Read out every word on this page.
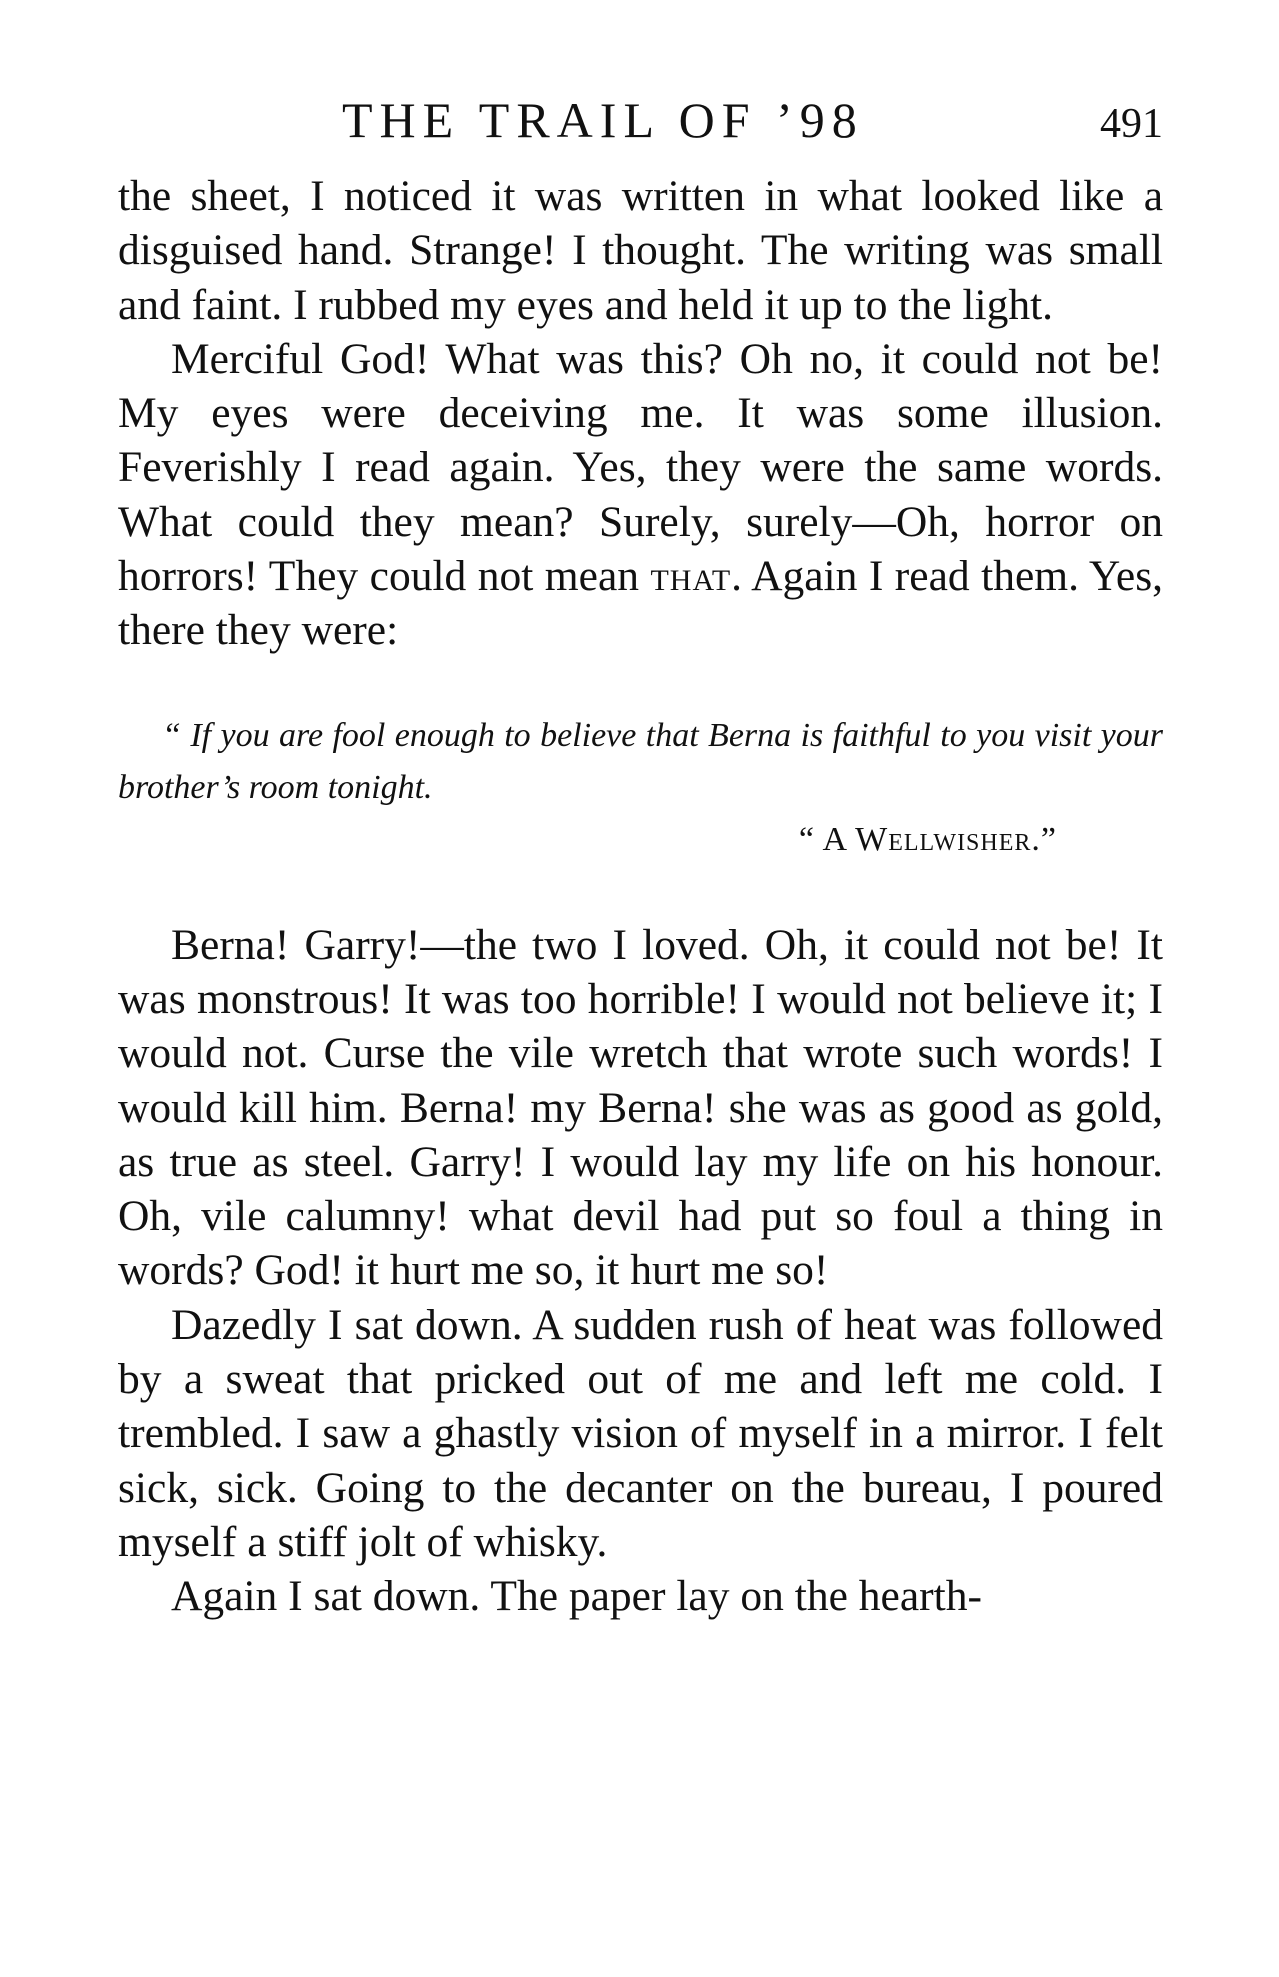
THE TRAIL OF ’98	491

the sheet, I noticed it was written in what looked like a disguised hand. Strange! I thought. The writing was small and faint. I rubbed my eyes and held it up to the light.

Merciful God! What was this? Oh no, it could not be! My eyes were deceiving me. It was some illusion. Feverishly I read again. Yes, they were the same words. What could they mean? Surely, surely—Oh, horror on horrors! They could not mean that. Again I read them. Yes, there they were:

“ If you are fool enough to believe that Berna is faithful to you visit your brother’s room tonight.

“ A Wellwisher.”

Berna! Garry!—the two I loved. Oh, it could not be! It was monstrous! It was too horrible! I would not believe it; I would not. Curse the vile wretch that wrote such words! I would kill him. Berna! my Berna! she was as good as gold, as true as steel. Garry! I would lay my life on his honour. Oh, vile calumny! what devil had put so foul a thing in words? God! it hurt me so, it hurt me so!

Dazedly I sat down. A sudden rush of heat was followed by a sweat that pricked out of me and left me cold. I trembled. I saw a ghastly vision of myself in a mirror. I felt sick, sick. Going to the decanter on the bureau, I poured myself a stiff jolt of whisky.

Again I sat down. The paper lay on the hearth-
